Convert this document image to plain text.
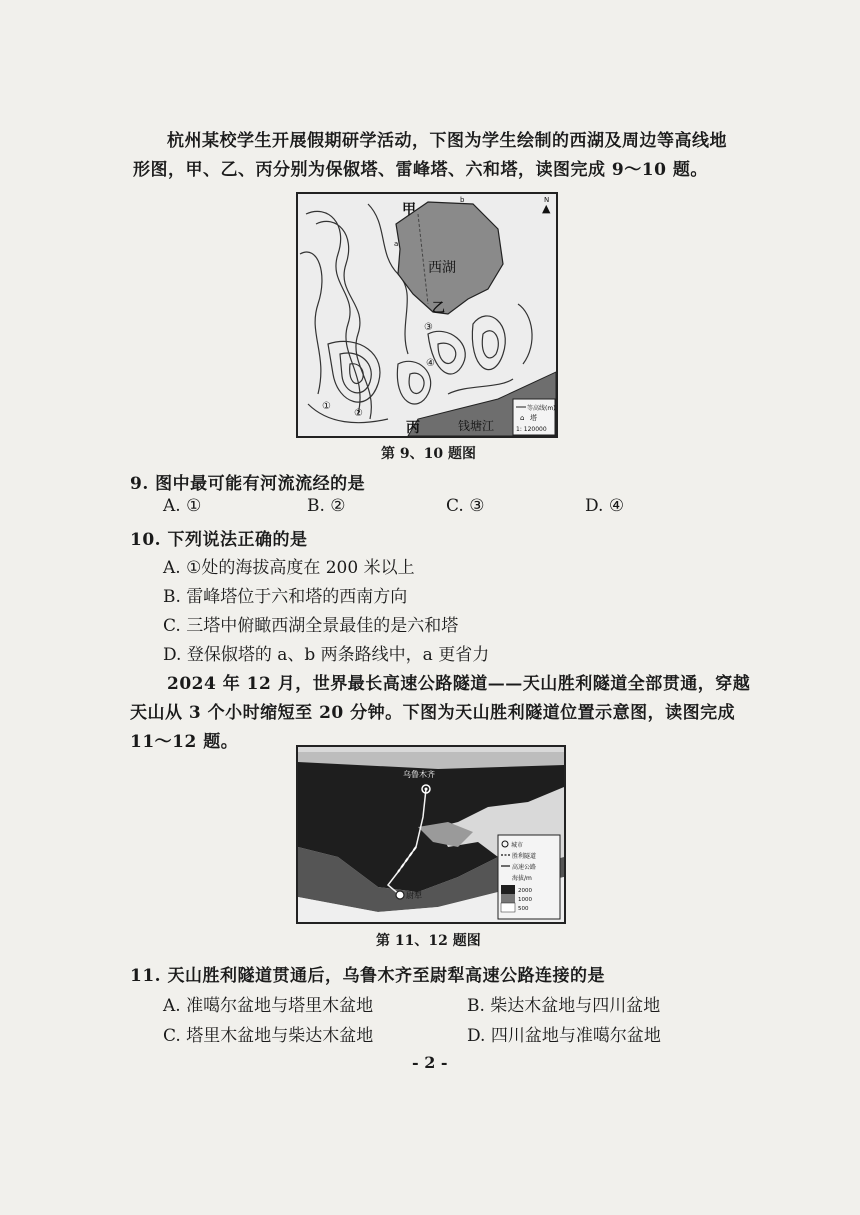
杭州某校学生开展假期研学活动，下图为学生绘制的西湖及周边等高线地
形图，甲、乙、丙分别为保俶塔、雷峰塔、六和塔，读图完成 9～10 题。
西湖
等高线(m)
⌂ 塔
1: 120000
钱塘江
▲
N
甲
乙
丙
a
b
①
②
③
④
第 9、10 题图
9. 图中最可能有河流流经的是
A. ①	B. ②	C. ③	D. ④
10. 下列说法正确的是
A. ①处的海拔高度在 200 米以上
B. 雷峰塔位于六和塔的西南方向
C. 三塔中俯瞰西湖全景最佳的是六和塔
D. 登保俶塔的 a、b 两条路线中，a 更省力
2024 年 12 月，世界最长高速公路隧道——天山胜利隧道全部贯通，穿越
天山从 3 个小时缩短至 20 分钟。下图为天山胜利隧道位置示意图，读图完成
11～12 题。
乌鲁木齐
尉犁
城市
胜利隧道
高速公路
海拔/m
2000
1000
500
第 11、12 题图
11. 天山胜利隧道贯通后，乌鲁木齐至尉犁高速公路连接的是
A. 准噶尔盆地与塔里木盆地	B. 柴达木盆地与四川盆地
C. 塔里木盆地与柴达木盆地	D. 四川盆地与准噶尔盆地
- 2 -
